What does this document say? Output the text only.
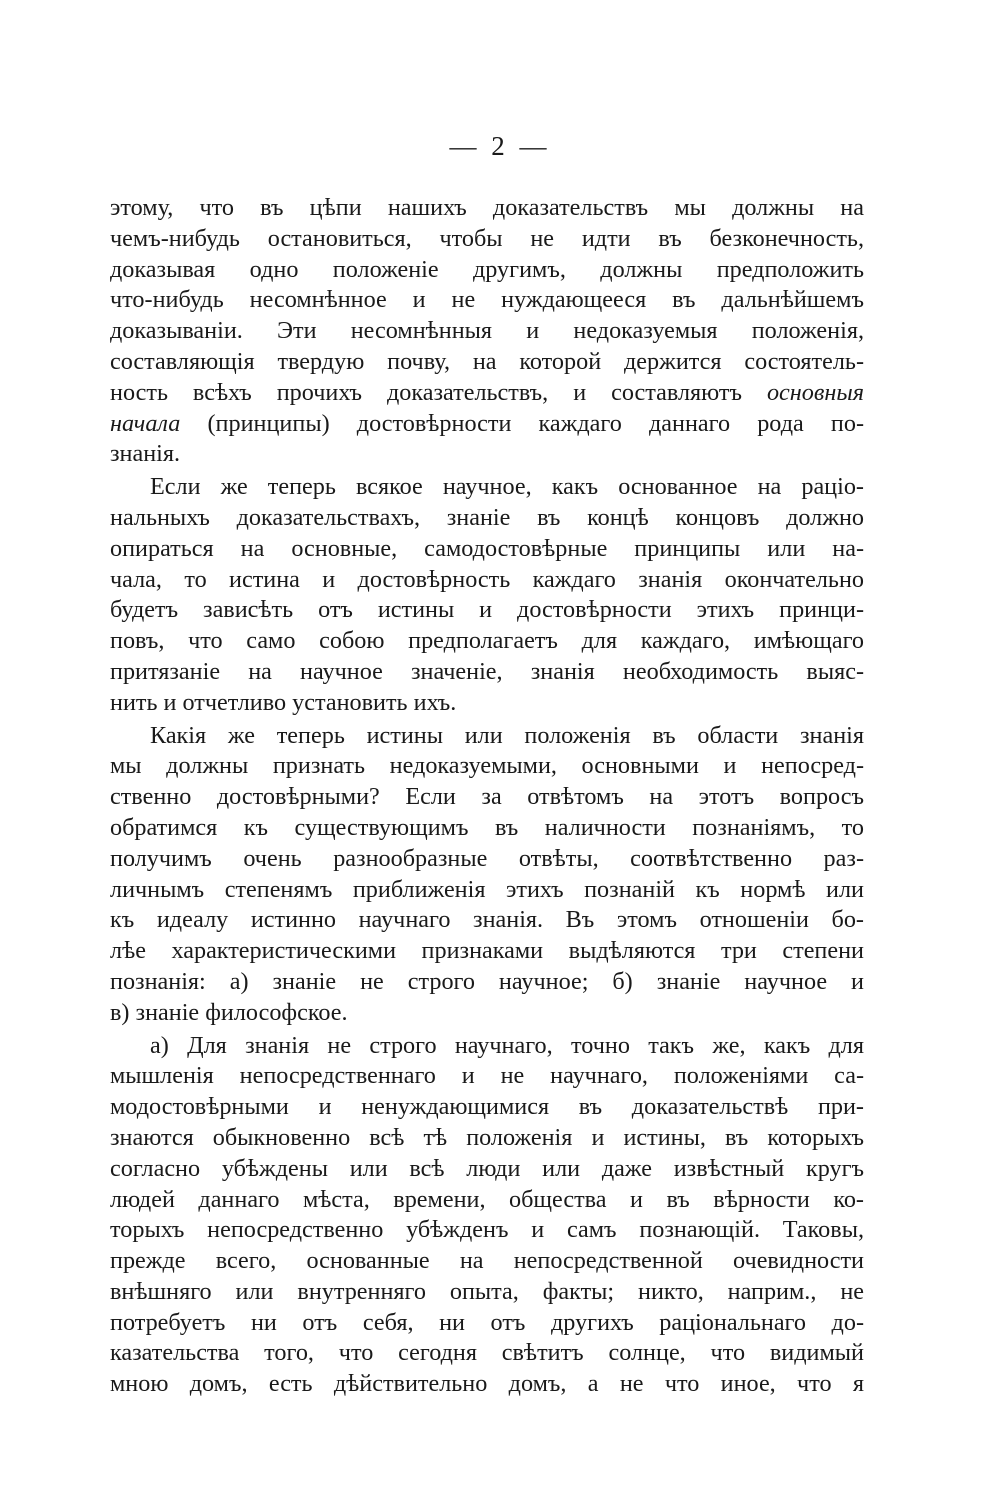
— 2 —
этому, что въ цѣпи нашихъ доказательствъ мы должны на
чемъ-нибудь остановиться, чтобы не идти въ безконечность,
доказывая одно положеніе другимъ, должны предположить
что-нибудь несомнѣнное и не нуждающееся въ дальнѣйшемъ
доказываніи. Эти несомнѣнныя и недоказуемыя положенія,
составляющія твердую почву, на которой держится состоятель-
ность всѣхъ прочихъ доказательствъ, и составляютъ основныя
начала (принципы) достовѣрности каждаго даннаго рода по-
знанія.
Если же теперь всякое научное, какъ основанное на раціо-
нальныхъ доказательствахъ, знаніе въ концѣ концовъ должно
опираться на основные, самодостовѣрные принципы или на-
чала, то истина и достовѣрность каждаго знанія окончательно
будетъ зависѣть отъ истины и достовѣрности этихъ принци-
повъ, что само собою предполагаетъ для каждаго, имѣющаго
притязаніе на научное значеніе, знанія необходимость выяс-
нить и отчетливо установить ихъ.
Какія же теперь истины или положенія въ области знанія
мы должны признать недоказуемыми, основными и непосред-
ственно достовѣрными? Если за отвѣтомъ на этотъ вопросъ
обратимся къ существующимъ въ наличности познаніямъ, то
получимъ очень разнообразные отвѣты, соотвѣтственно раз-
личнымъ степенямъ приближенія этихъ познаній къ нормѣ или
къ идеалу истинно научнаго знанія. Въ этомъ отношеніи бо-
лѣе характеристическими признаками выдѣляются три степени
познанія: а) знаніе не строго научное; б) знаніе научное и
в) знаніе философское.
а) Для знанія не строго научнаго, точно такъ же, какъ для
мышленія непосредственнаго и не научнаго, положеніями са-
модостовѣрными и ненуждающимися въ доказательствѣ при-
знаются обыкновенно всѣ тѣ положенія и истины, въ которыхъ
согласно убѣждены или всѣ люди или даже извѣстный кругъ
людей даннаго мѣста, времени, общества и въ вѣрности ко-
торыхъ непосредственно убѣжденъ и самъ познающій. Таковы,
прежде всего, основанные на непосредственной очевидности
внѣшняго или внутренняго опыта, факты; никто, наприм., не
потребуетъ ни отъ себя, ни отъ другихъ раціональнаго до-
казательства того, что сегодня свѣтитъ солнце, что видимый
мною домъ, есть дѣйствительно домъ, а не что иное, что я
